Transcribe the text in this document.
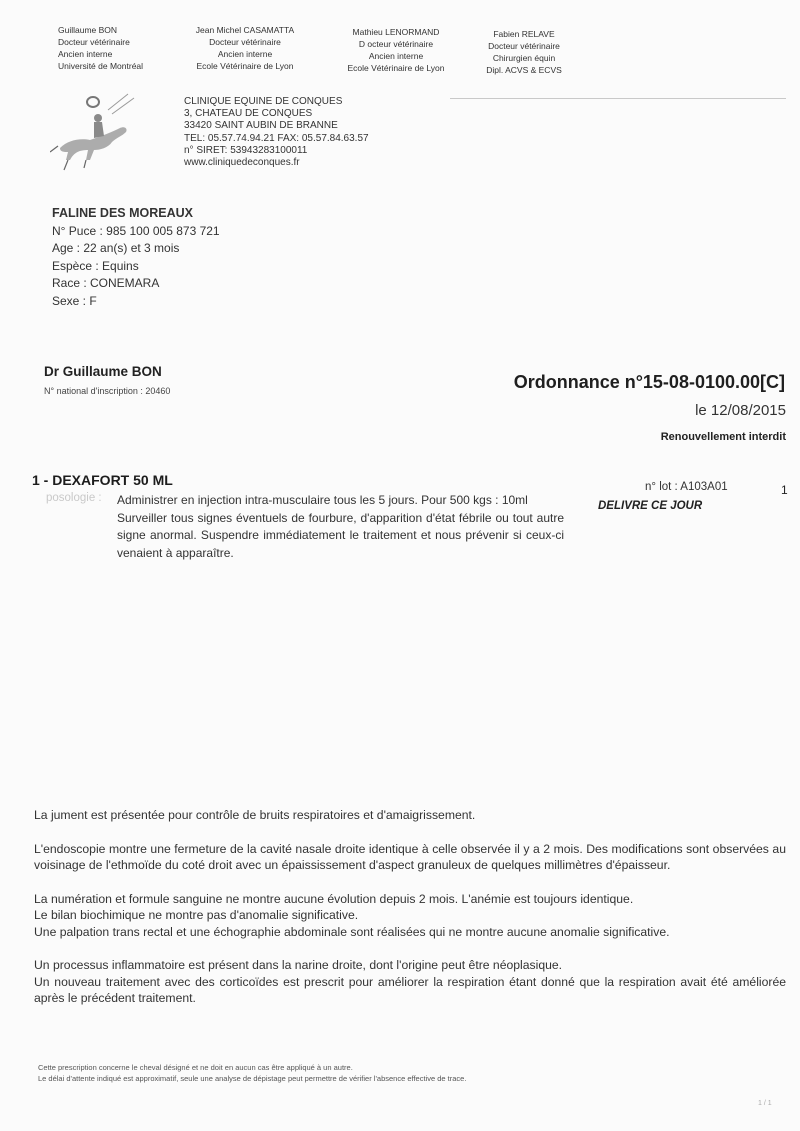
Guillaume BON
Docteur vétérinaire
Ancien interne
Université de Montréal
Jean Michel CASAMATTA
Docteur vétérinaire
Ancien interne
Ecole Vétérinaire de Lyon
Mathieu LENORMAND
D octeur vétérinaire
Ancien interne
Ecole Vétérinaire de Lyon
Fabien RELAVE
Docteur vétérinaire
Chirurgien équin
Dipl. ACVS & ECVS
CLINIQUE EQUINE DE CONQUES
3, CHATEAU DE CONQUES
33420 SAINT AUBIN DE BRANNE
TEL: 05.57.74.94.21 FAX: 05.57.84.63.57
n° SIRET: 53943283100011
www.cliniquedeconques.fr
FALINE DES MOREAUX
N° Puce : 985 100 005 873 721
Age : 22 an(s) et 3 mois
Espèce : Equins
Race : CONEMARA
Sexe : F
Dr Guillaume BON
N° national d'inscription : 20460	Ordonnance n°15-08-0100.00[C]
le 12/08/2015
Renouvellement interdit
1 - DEXAFORT 50 ML
posologie : Administrer en injection intra-musculaire tous les 5 jours. Pour 500 kgs : 10ml

Surveiller tous signes éventuels de fourbure, d'apparition d'état fébrile ou tout autre signe anormal. Suspendre immédiatement le traitement et nous prévenir si ceux-ci venaient à apparaître.

n° lot : A103A01	1
DELIVRE CE JOUR

La jument est présentée pour contrôle de bruits respiratoires et d'amaigrissement.

L'endoscopie montre une fermeture de la cavité nasale droite identique à celle observée il y a 2 mois. Des modifications sont observées au voisinage de l'ethmoïde du coté droit avec un épaississement d'aspect granuleux de quelques millimètres d'épaisseur.

La numération et formule sanguine ne montre aucune évolution depuis 2 mois. L'anémie est toujours identique.

Le bilan biochimique ne montre pas d'anomalie significative.

Une palpation trans rectal et une échographie abdominale sont réalisées qui ne montre aucune anomalie significative.

Un processus inflammatoire est présent dans la narine droite, dont l'origine peut être néoplasique.

Un nouveau traitement avec des corticoïdes est prescrit pour améliorer la respiration étant donné que la respiration avait été améliorée après le précédent traitement.

Cette prescription concerne le cheval désigné et ne doit en aucun cas être appliqué à un autre.
Le délai d'attente indiqué est approximatif, seule une analyse de dépistage peut permettre de vérifier l'absence effective de trace.
1 / 1
